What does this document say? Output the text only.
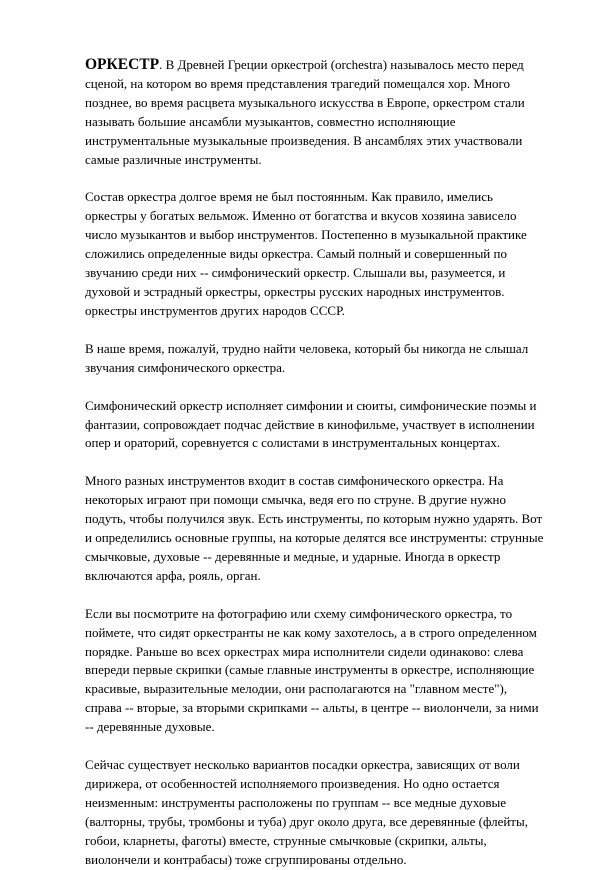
ОРКЕСТР. В Древней Греции оркестрой (orchestra) называлось место перед сценой, на котором во время представления трагедий помещался хор. Много позднее, во время расцвета музыкального искусства в Европе, оркестром стали называть большие ансамбли музыкантов, совместно исполняющие инструментальные музыкальные произведения. В ансамблях этих участвовали самые различные инструменты.

Состав оркестра долгое время не был постоянным. Как правило, имелись оркестры у богатых вельмож. Именно от богатства и вкусов хозяина зависело число музыкантов и выбор инструментов. Постепенно в музыкальной практике сложились определенные виды оркестра. Самый полный и совершенный по звучанию среди них -- симфонический оркестр. Слышали вы, разумеется, и духовой и эстрадный оркестры, оркестры русских народных инструментов. оркестры инструментов других народов СССР.

В наше время, пожалуй, трудно найти человека, который бы никогда не слышал звучания симфонического оркестра.

Симфонический оркестр исполняет симфонии и сюиты, симфонические поэмы и фантазии, сопровождает подчас действие в кинофильме, участвует в исполнении опер и ораторий, соревнуется с солистами в инструментальных концертах.

Много разных инструментов входит в состав симфонического оркестра. На некоторых играют при помощи смычка, ведя его по струне. В другие нужно подуть, чтобы получился звук. Есть инструменты, по которым нужно ударять. Вот и определились основные группы, на которые делятся все инструменты: струнные смычковые, духовые -- деревянные и медные, и ударные. Иногда в оркестр включаются арфа, рояль, орган.

Если вы посмотрите на фотографию или схему симфонического оркестра, то поймете, что сидят оркестранты не как кому захотелось, а в строго определенном порядке. Раньше во всех оркестрах мира исполнители сидели одинаково: слева впереди первые скрипки (самые главные инструменты в оркестре, исполняющие красивые, выразительные мелодии, они располагаются на "главном месте"), справа -- вторые, за вторыми скрипками -- альты, в центре -- виолончели, за ними -- деревянные духовые.

Сейчас существует несколько вариантов посадки оркестра, зависящих от воли дирижера, от особенностей исполняемого произведения. Но одно остается неизменным: инструменты расположены по группам -- все медные духовые (валторны, трубы, тромбоны и туба) друг около друга, все деревянные (флейты, гобои, кларнеты, фаготы) вместе, струнные смычковые (скрипки, альты, виолончели и контрабасы) тоже сгруппированы отдельно.
